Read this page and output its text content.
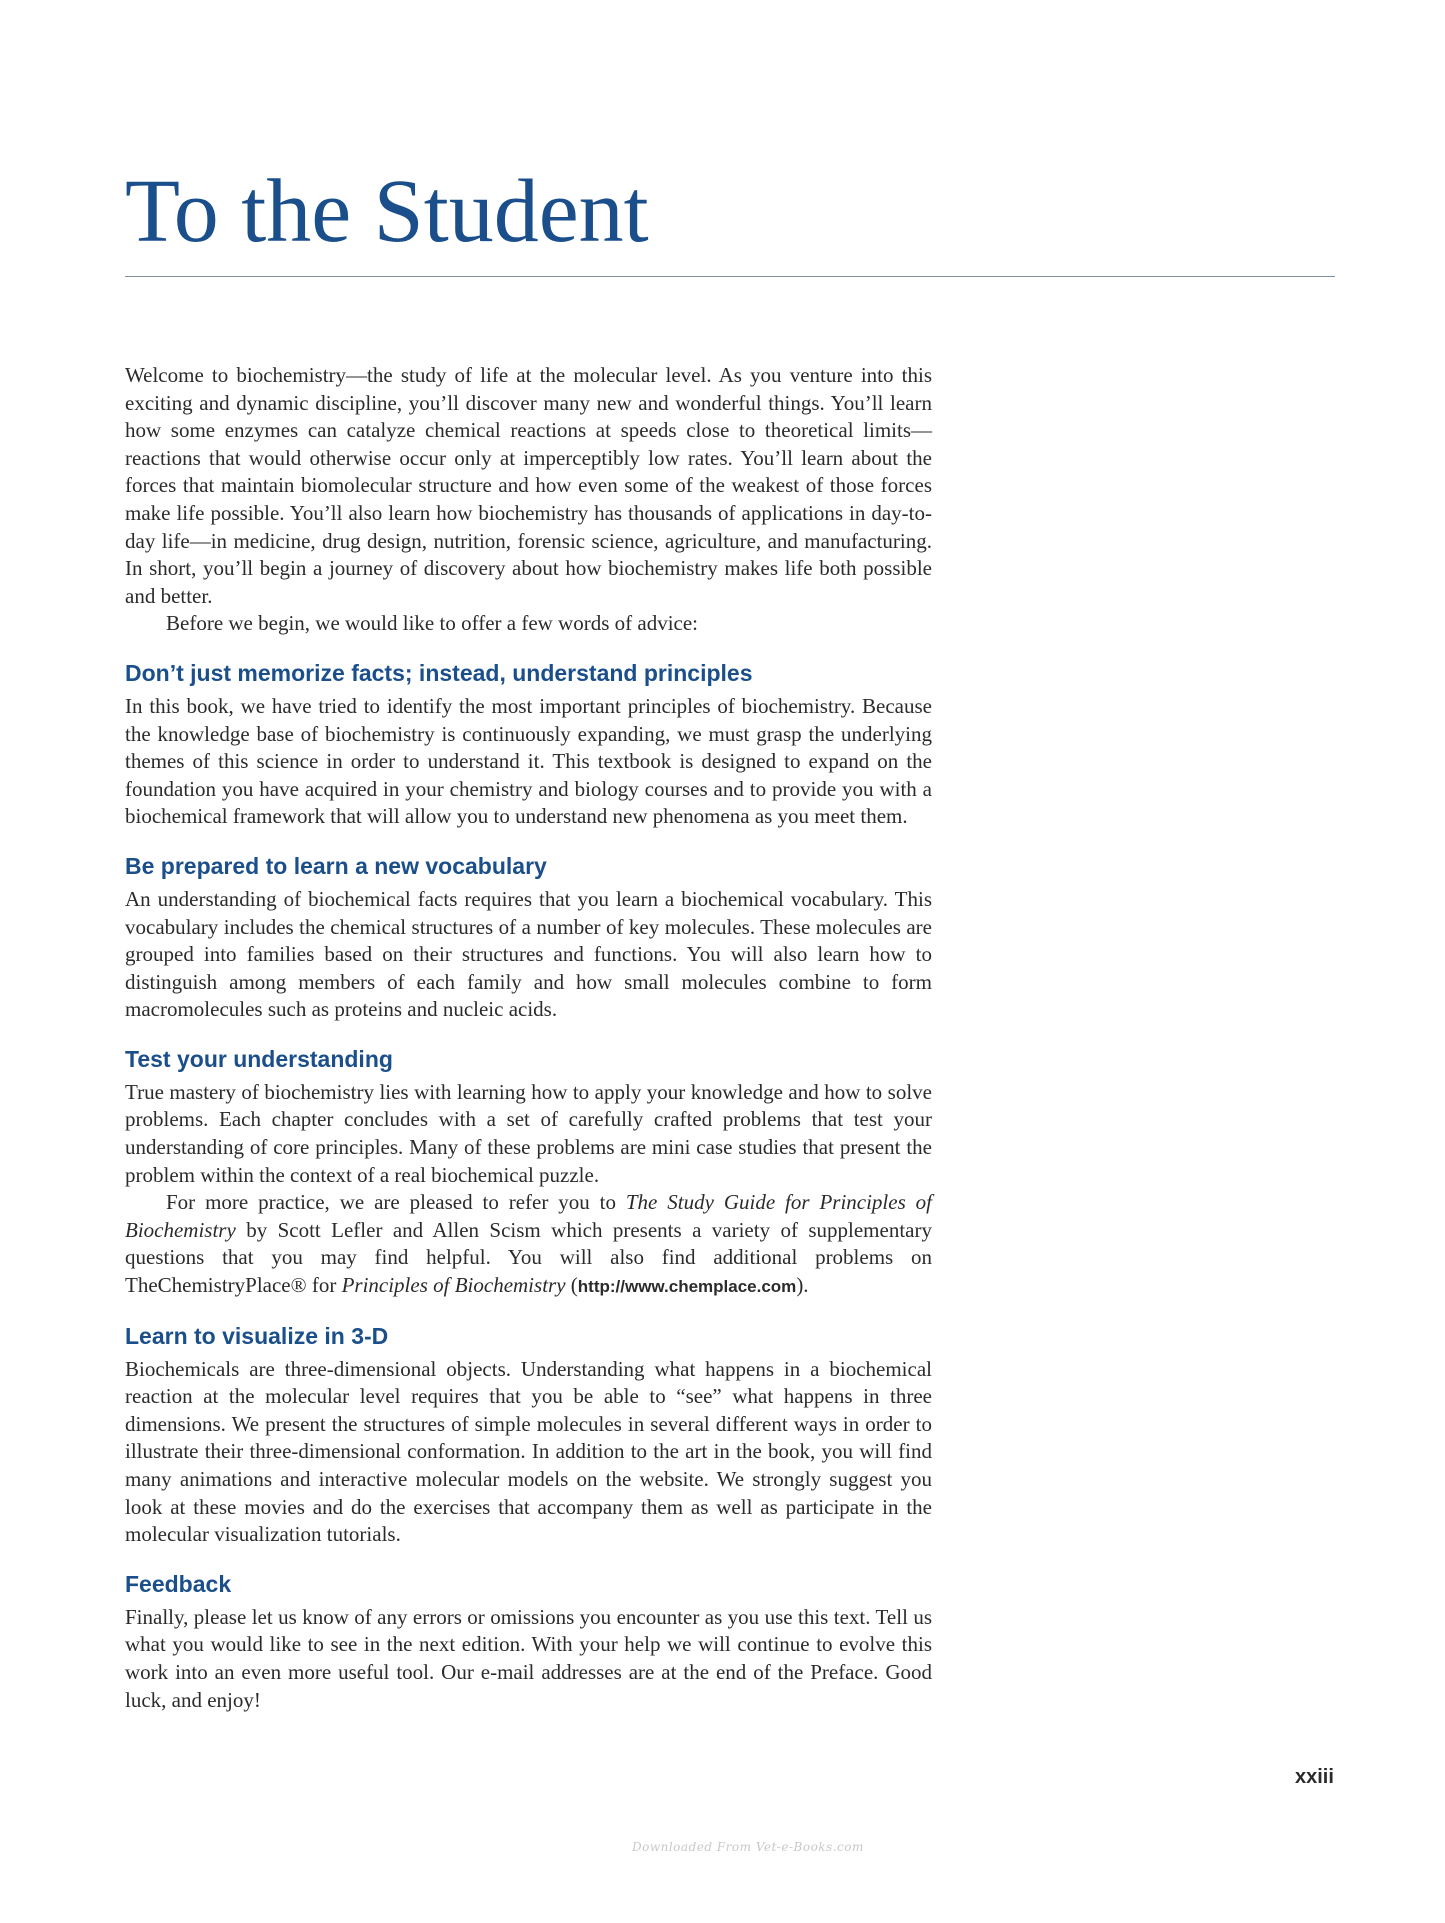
To the Student

Welcome to biochemistry—the study of life at the molecular level. As you venture into this exciting and dynamic discipline, you’ll discover many new and wonderful things. You’ll learn how some enzymes can catalyze chemical reactions at speeds close to theoretical limits—reactions that would otherwise occur only at imperceptibly low rates. You’ll learn about the forces that maintain biomolecular structure and how even some of the weakest of those forces make life possible. You’ll also learn how biochemistry has thousands of applications in day-to-day life—in medicine, drug design, nutrition, forensic science, agriculture, and manufacturing. In short, you’ll begin a journey of discovery about how biochemistry makes life both possible and better.

Before we begin, we would like to offer a few words of advice:

Don’t just memorize facts; instead, understand principles

In this book, we have tried to identify the most important principles of biochemistry. Because the knowledge base of biochemistry is continuously expanding, we must grasp the underlying themes of this science in order to understand it. This textbook is designed to expand on the foundation you have acquired in your chemistry and biology courses and to provide you with a biochemical framework that will allow you to understand new phenomena as you meet them.

Be prepared to learn a new vocabulary

An understanding of biochemical facts requires that you learn a biochemical vocabulary. This vocabulary includes the chemical structures of a number of key molecules. These molecules are grouped into families based on their structures and functions. You will also learn how to distinguish among members of each family and how small molecules combine to form macromolecules such as proteins and nucleic acids.

Test your understanding

True mastery of biochemistry lies with learning how to apply your knowledge and how to solve problems. Each chapter concludes with a set of carefully crafted problems that test your understanding of core principles. Many of these problems are mini case studies that present the problem within the context of a real biochemical puzzle.

For more practice, we are pleased to refer you to The Study Guide for Principles of Biochemistry by Scott Lefler and Allen Scism which presents a variety of supplementary questions that you may find helpful. You will also find additional problems on TheChemistryPlace® for Principles of Biochemistry (http://www.chemplace.com).

Learn to visualize in 3-D

Biochemicals are three-dimensional objects. Understanding what happens in a biochemical reaction at the molecular level requires that you be able to “see” what happens in three dimensions. We present the structures of simple molecules in several different ways in order to illustrate their three-dimensional conformation. In addition to the art in the book, you will find many animations and interactive molecular models on the website. We strongly suggest you look at these movies and do the exercises that accompany them as well as participate in the molecular visualization tutorials.

Feedback

Finally, please let us know of any errors or omissions you encounter as you use this text. Tell us what you would like to see in the next edition. With your help we will continue to evolve this work into an even more useful tool. Our e-mail addresses are at the end of the Preface. Good luck, and enjoy!

xxiii
Downloaded From Vet-e-Books.com
